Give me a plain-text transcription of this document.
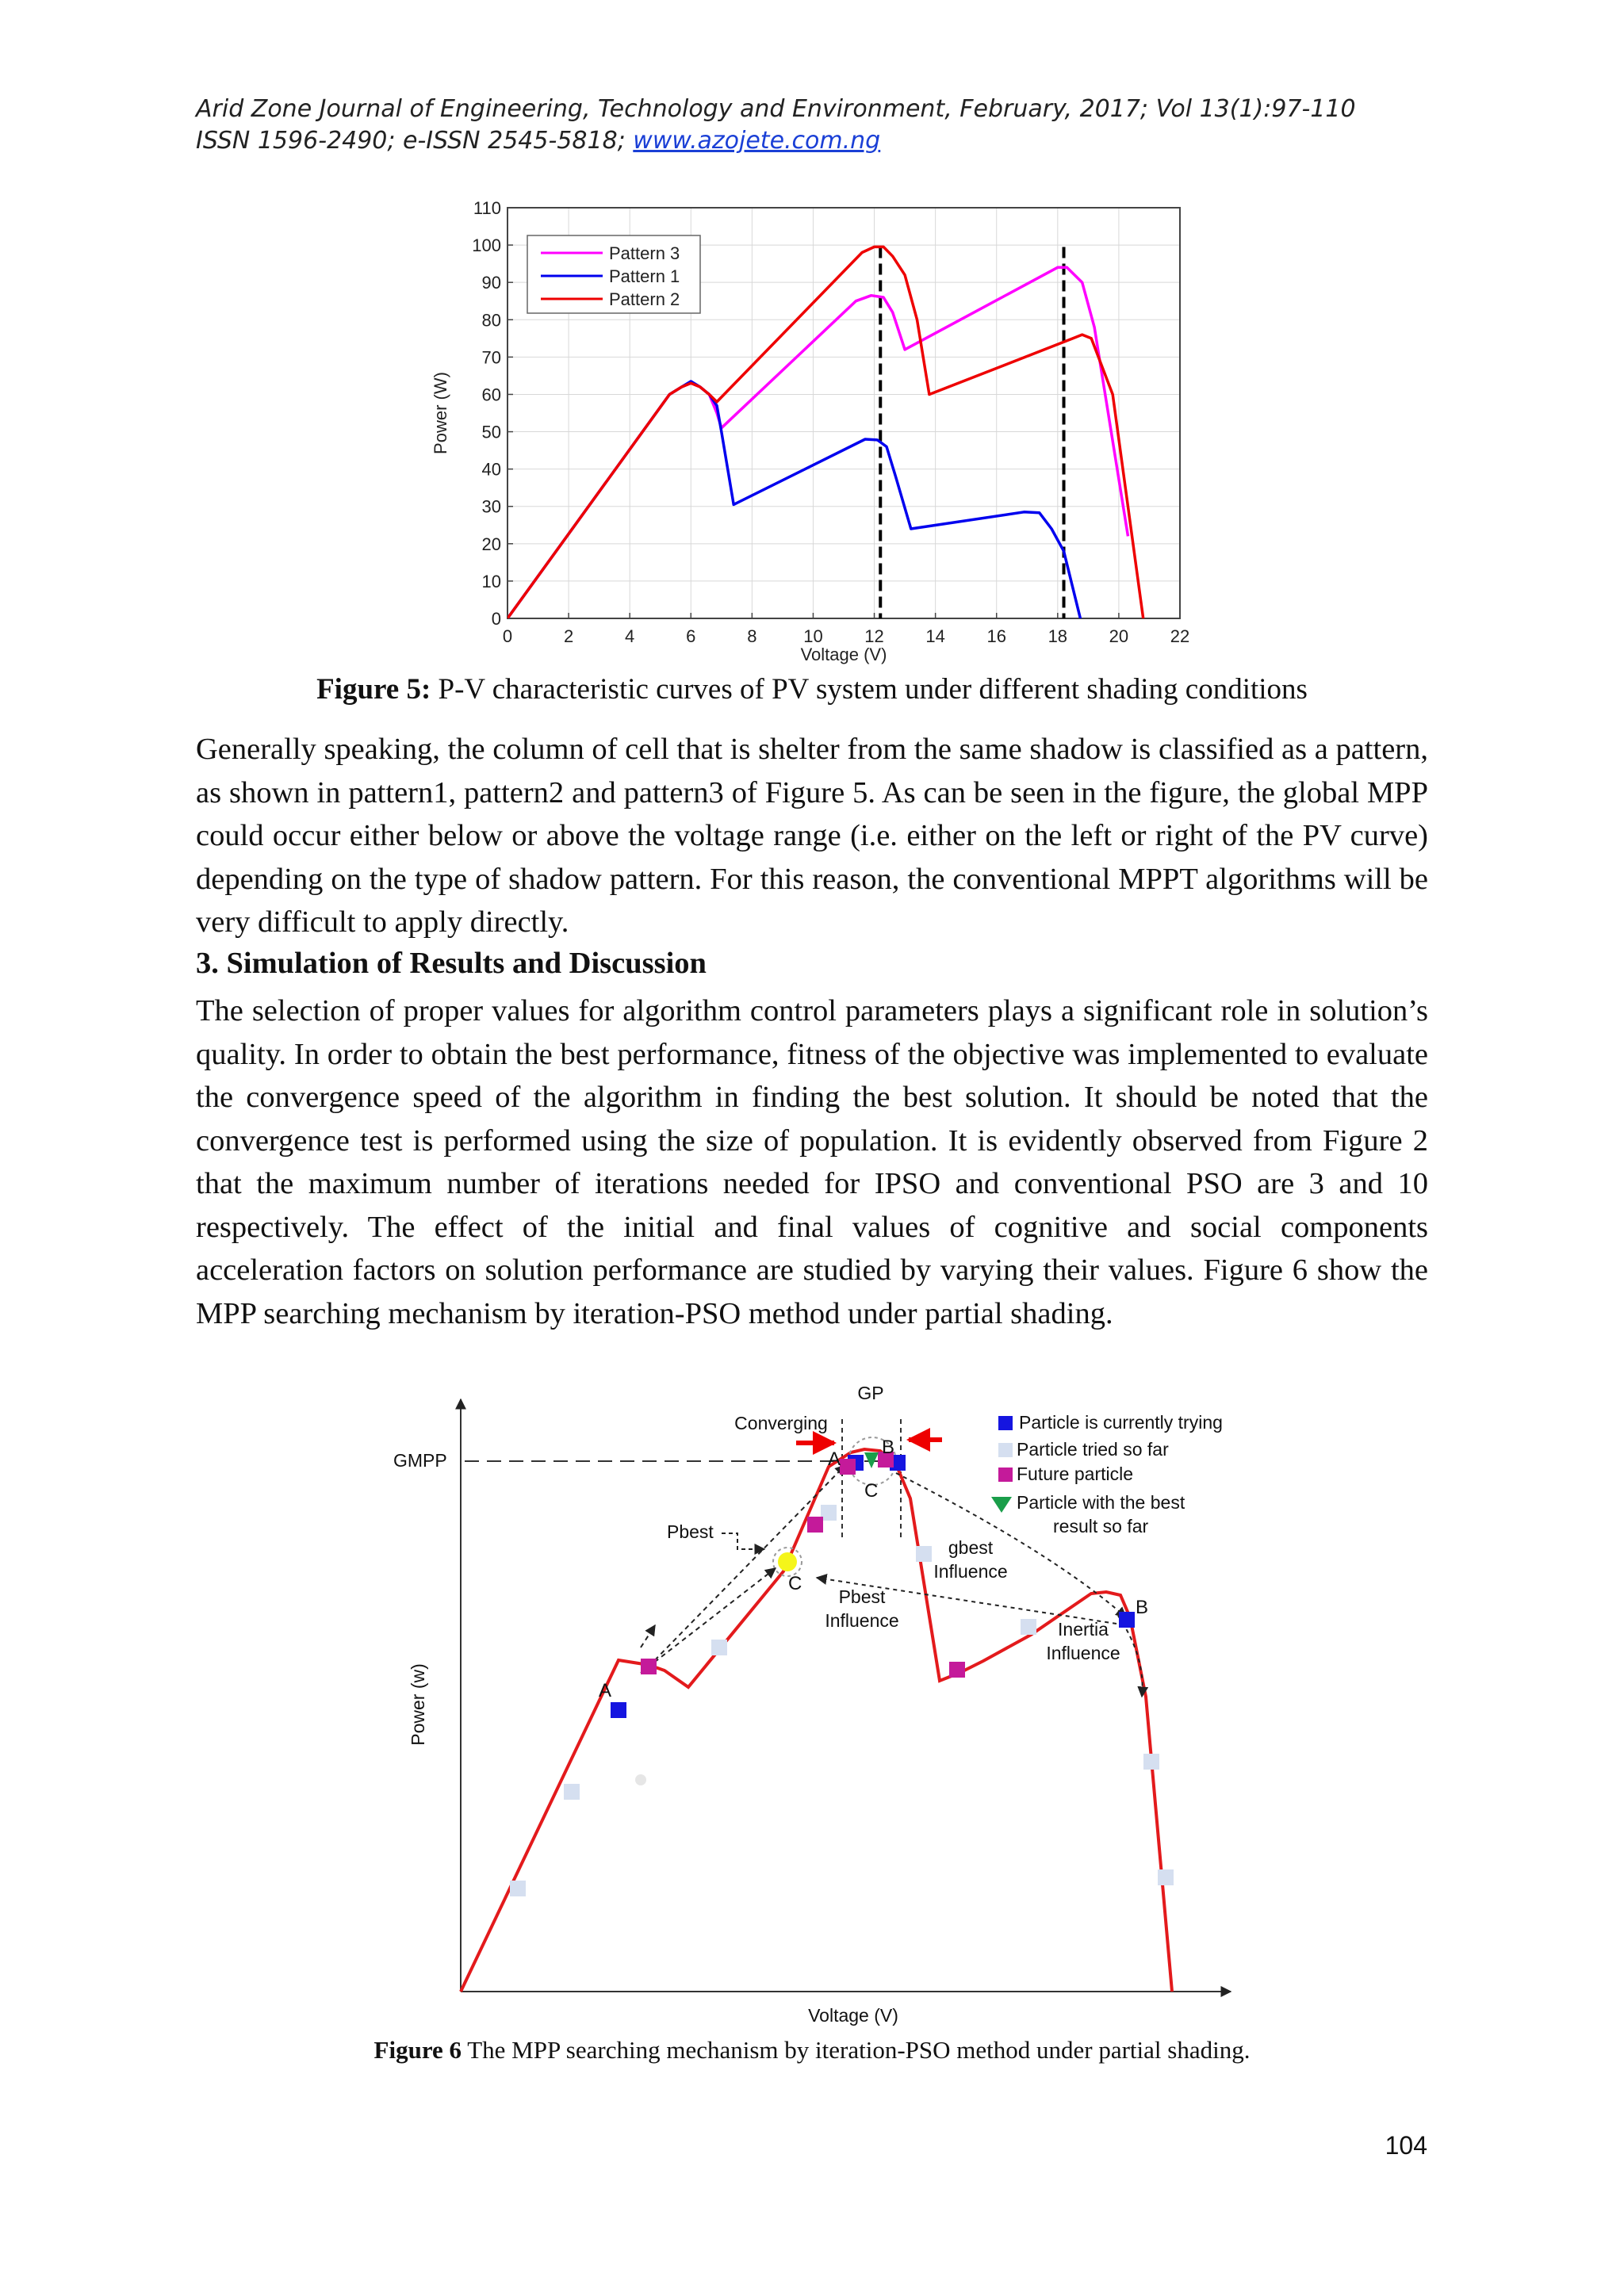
Arid Zone Journal of Engineering, Technology and Environment, February, 2017; Vol 13(1):97-110
ISSN 1596-2490; e-ISSN 2545-5818; www.azojete.com.ng
0	2	4	6	8	10 12 14 16 18 20 22
0
10
20
30
40
50
60
70
80
90
100
110
Voltage (V)
Power (W)
Pattern 3
Pattern 1
Pattern 2
Figure 5: P-V characteristic curves of PV system under different shading conditions
Generally speaking, the column of cell that is shelter from the same shadow is classified as a pattern, as shown in pattern1, pattern2 and pattern3 of Figure 5. As can be seen in the figure, the global MPP could occur either below or above the voltage range (i.e. either on the left or right of the PV curve) depending on the type of shadow pattern. For this reason, the conventional MPPT algorithms will be very difficult to apply directly.
3. Simulation of Results and Discussion
The selection of proper values for algorithm control parameters plays a significant role in solution’s quality. In order to obtain the best performance, fitness of the objective was implemented to evaluate the convergence speed of the algorithm in finding the best solution. It should be noted that the convergence test is performed using the size of population. It is evidently observed from Figure 2 that the maximum number of iterations needed for IPSO and conventional PSO are 3 and 10 respectively. The effect of the initial and final values of cognitive and social components acceleration factors on solution performance are studied by varying their values. Figure 6 show the MPP searching mechanism by iteration-PSO method under partial shading.
GMPP
GP
Converging
A
A
B
B
C
C
Pbest
Pbest
Influence
gbest
Influence
Inertia
Influence
Power (w)
Voltage (V)
Particle is currently trying
Particle tried so far
Future particle
Particle with the best
result so far
Figure 6 The MPP searching mechanism by iteration-PSO method under partial shading.
104
